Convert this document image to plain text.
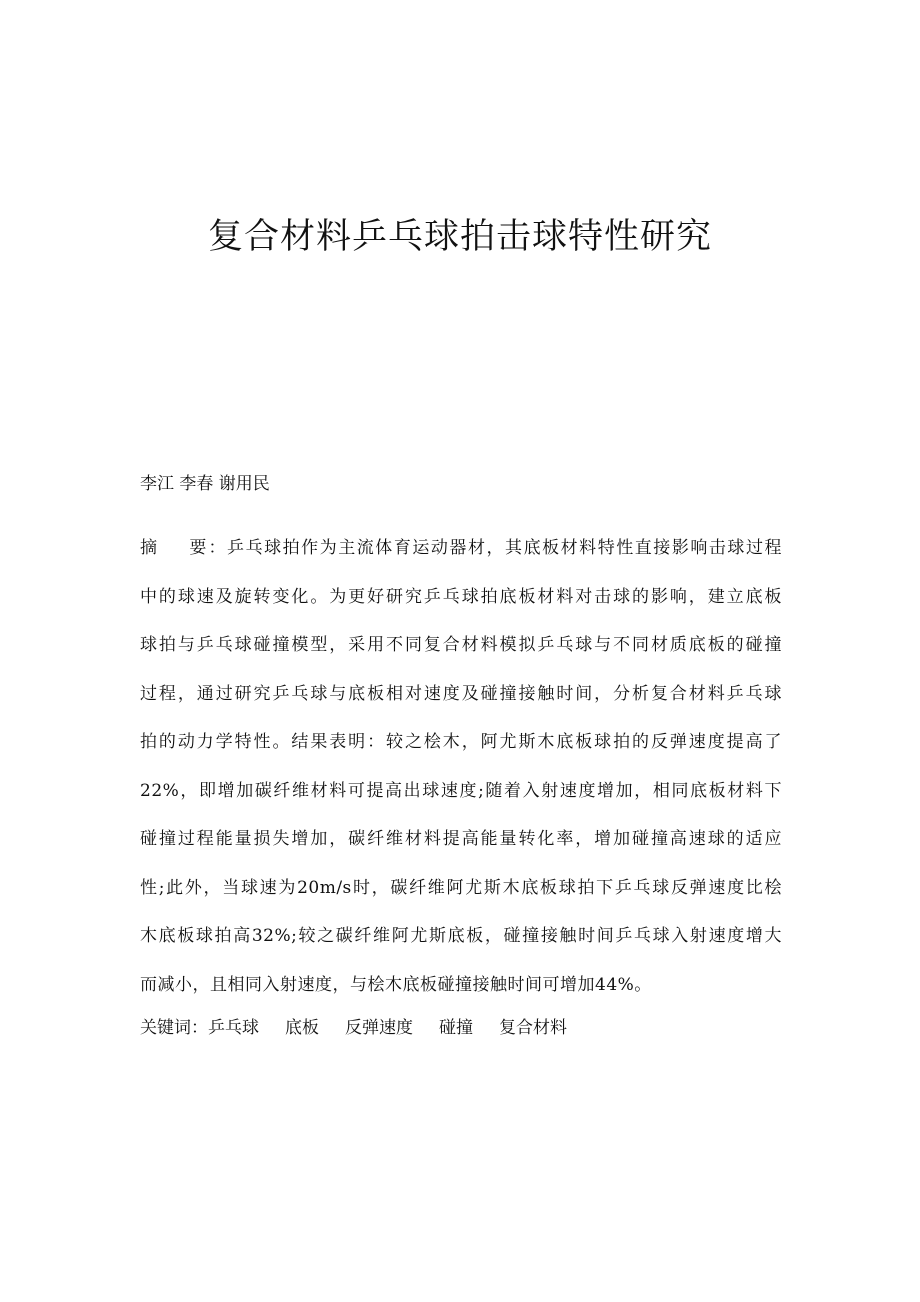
复合材料乒乓球拍击球特性研究
李江 李春 谢用民
摘    要：乒乓球拍作为主流体育运动器材，其底板材料特性直接影响击球过程
中的球速及旋转变化。为更好研究乒乓球拍底板材料对击球的影响，建立底板
球拍与乒乓球碰撞模型，采用不同复合材料模拟乒乓球与不同材质底板的碰撞
过程，通过研究乒乓球与底板相对速度及碰撞接触时间，分析复合材料乒乓球
拍的动力学特性。结果表明：较之桧木，阿尤斯木底板球拍的反弹速度提高了
22%，即增加碳纤维材料可提高出球速度;随着入射速度增加，相同底板材料下
碰撞过程能量损失增加，碳纤维材料提高能量转化率，增加碰撞高速球的适应
性;此外，当球速为20m/s时，碳纤维阿尤斯木底板球拍下乒乓球反弹速度比桧
木底板球拍高32%;较之碳纤维阿尤斯底板，碰撞接触时间乒乓球入射速度增大
而减小，且相同入射速度，与桧木底板碰撞接触时间可增加44%。
关键词：乒乓球 底板 反弹速度 碰撞 复合材料
